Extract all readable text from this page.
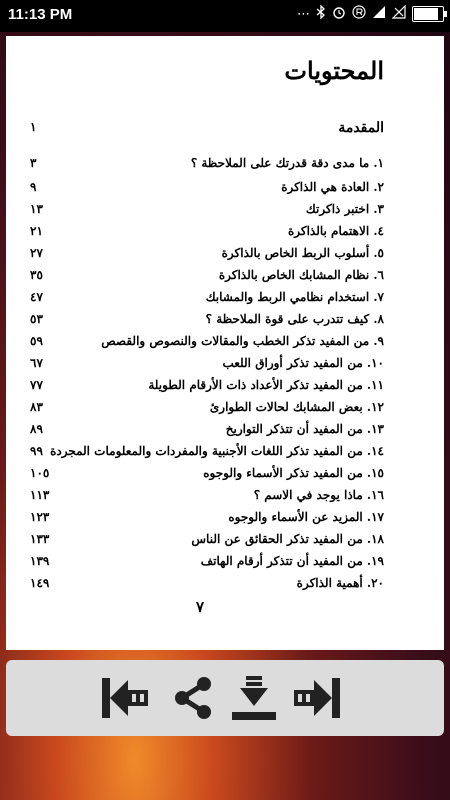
11:13 PM	⋯
المحتويات
المقدمة
١
١. ما مدى دقة قدرتك على الملاحظة ؟
٣
٢. العادة هي الذاكرة
٩
٣. اختبر ذاكرتك
١٣
٤. الاهتمام بالذاكرة
٢١
٥. أسلوب الربط الخاص بالذاكرة
٢٧
٦. نظام المشابك الخاص بالذاكرة
٣٥
٧. استخدام نظامي الربط والمشابك
٤٧
٨. كيف تتدرب على قوة الملاحظة ؟
٥٣
٩. من المفيد تذكر الخطب والمقالات والنصوص والقصص
٥٩
١٠. من المفيد تذكر أوراق اللعب
٦٧
١١. من المفيد تذكر الأعداد ذات الأرقام الطويلة
٧٧
١٢. بعض المشابك لحالات الطوارئ
٨٣
١٣. من المفيد أن تتذكر التواريخ
٨٩
١٤. من المفيد تذكر اللغات الأجنبية والمفردات والمعلومات المجردة
٩٩
١٥. من المفيد تذكر الأسماء والوجوه
١٠٥
١٦. ماذا يوجد في الاسم ؟
١١٣
١٧. المزيد عن الأسماء والوجوه
١٢٣
١٨. من المفيد تذكر الحقائق عن الناس
١٣٣
١٩. من المفيد أن تتذكر أرقام الهاتف
١٣٩
٢٠. أهمية الذاكرة
١٤٩
٧
